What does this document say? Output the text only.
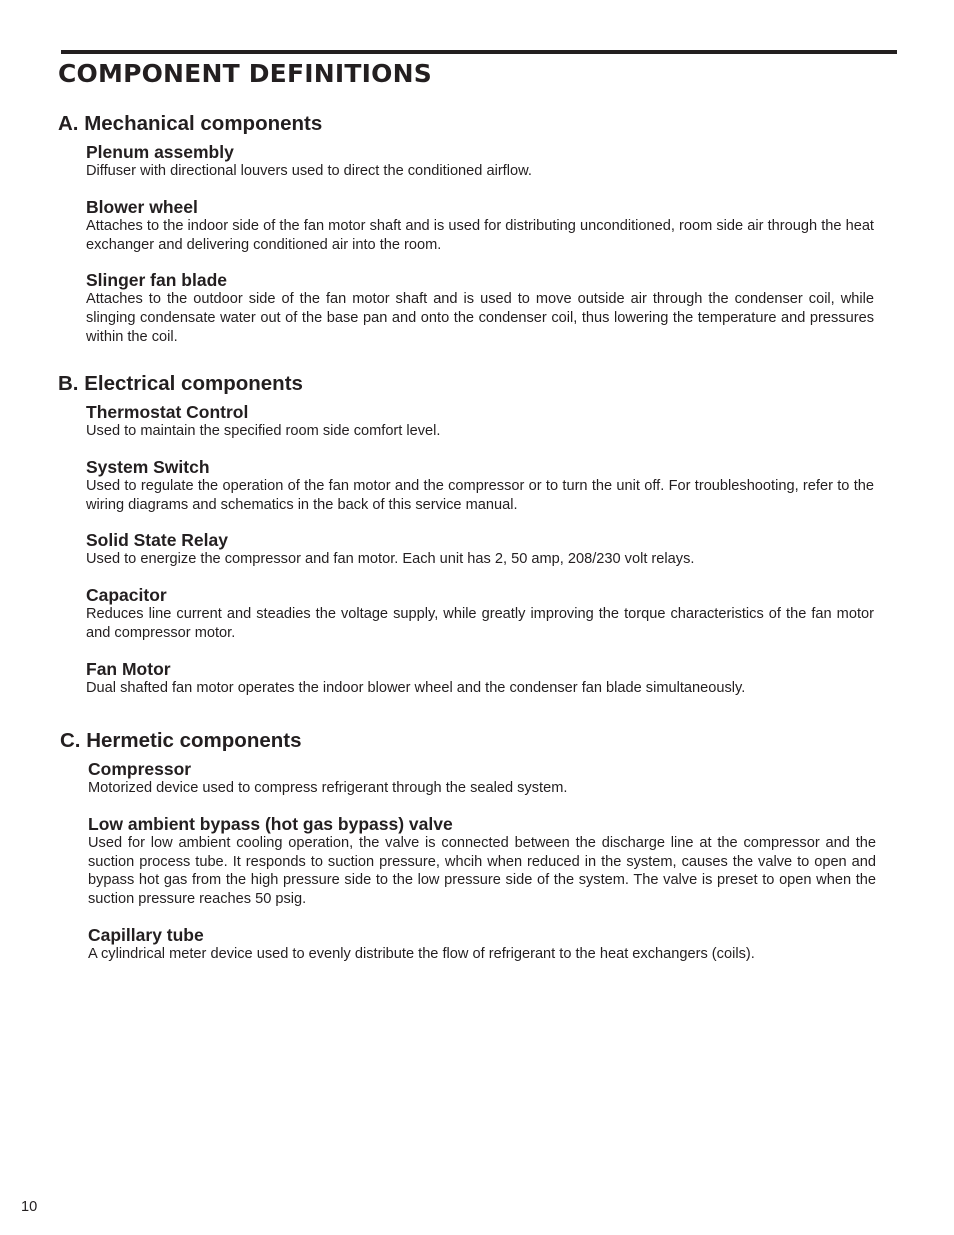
COMPONENT DEFINITIONS
A. Mechanical components
Plenum assembly

Diffuser with directional louvers used to direct the conditioned airflow.

Blower wheel

Attaches to the indoor side of the fan motor shaft and is used for distributing unconditioned, room side air through the heat exchanger and delivering conditioned air into the room.

Slinger fan blade

Attaches to the outdoor side of the fan motor shaft and is used to move outside air through the condenser coil, while slinging condensate water out of the base pan and onto the condenser coil, thus lowering the temperature and pressures within the coil.

B. Electrical components
Thermostat Control

Used to maintain the specified room side comfort level.

System Switch

Used to regulate the operation of the fan motor and the compressor or to turn the unit off. For troubleshooting, refer to the wiring diagrams and schematics in the back of this service manual.

Solid State Relay

Used to energize the compressor and fan motor. Each unit has 2, 50 amp, 208/230 volt relays.

Capacitor

Reduces line current and steadies the voltage supply, while greatly improving the torque characteristics of the fan motor and compressor motor.

Fan Motor

Dual shafted fan motor operates the indoor blower wheel and the condenser fan blade simultaneously.

C. Hermetic components
Compressor

Motorized device used to compress refrigerant through the sealed system.

Low ambient bypass (hot gas bypass) valve

Used for low ambient cooling operation, the valve is connected between the discharge line at the compressor and the suction process tube. It responds to suction pressure, whcih when reduced in the system, causes the valve to open and bypass hot gas from the high pressure side to the low pressure side of the system. The valve is preset to open when the suction pressure reaches 50 psig.

Capillary tube

A cylindrical meter device used to evenly distribute the flow of refrigerant to the heat exchangers (coils).

10
